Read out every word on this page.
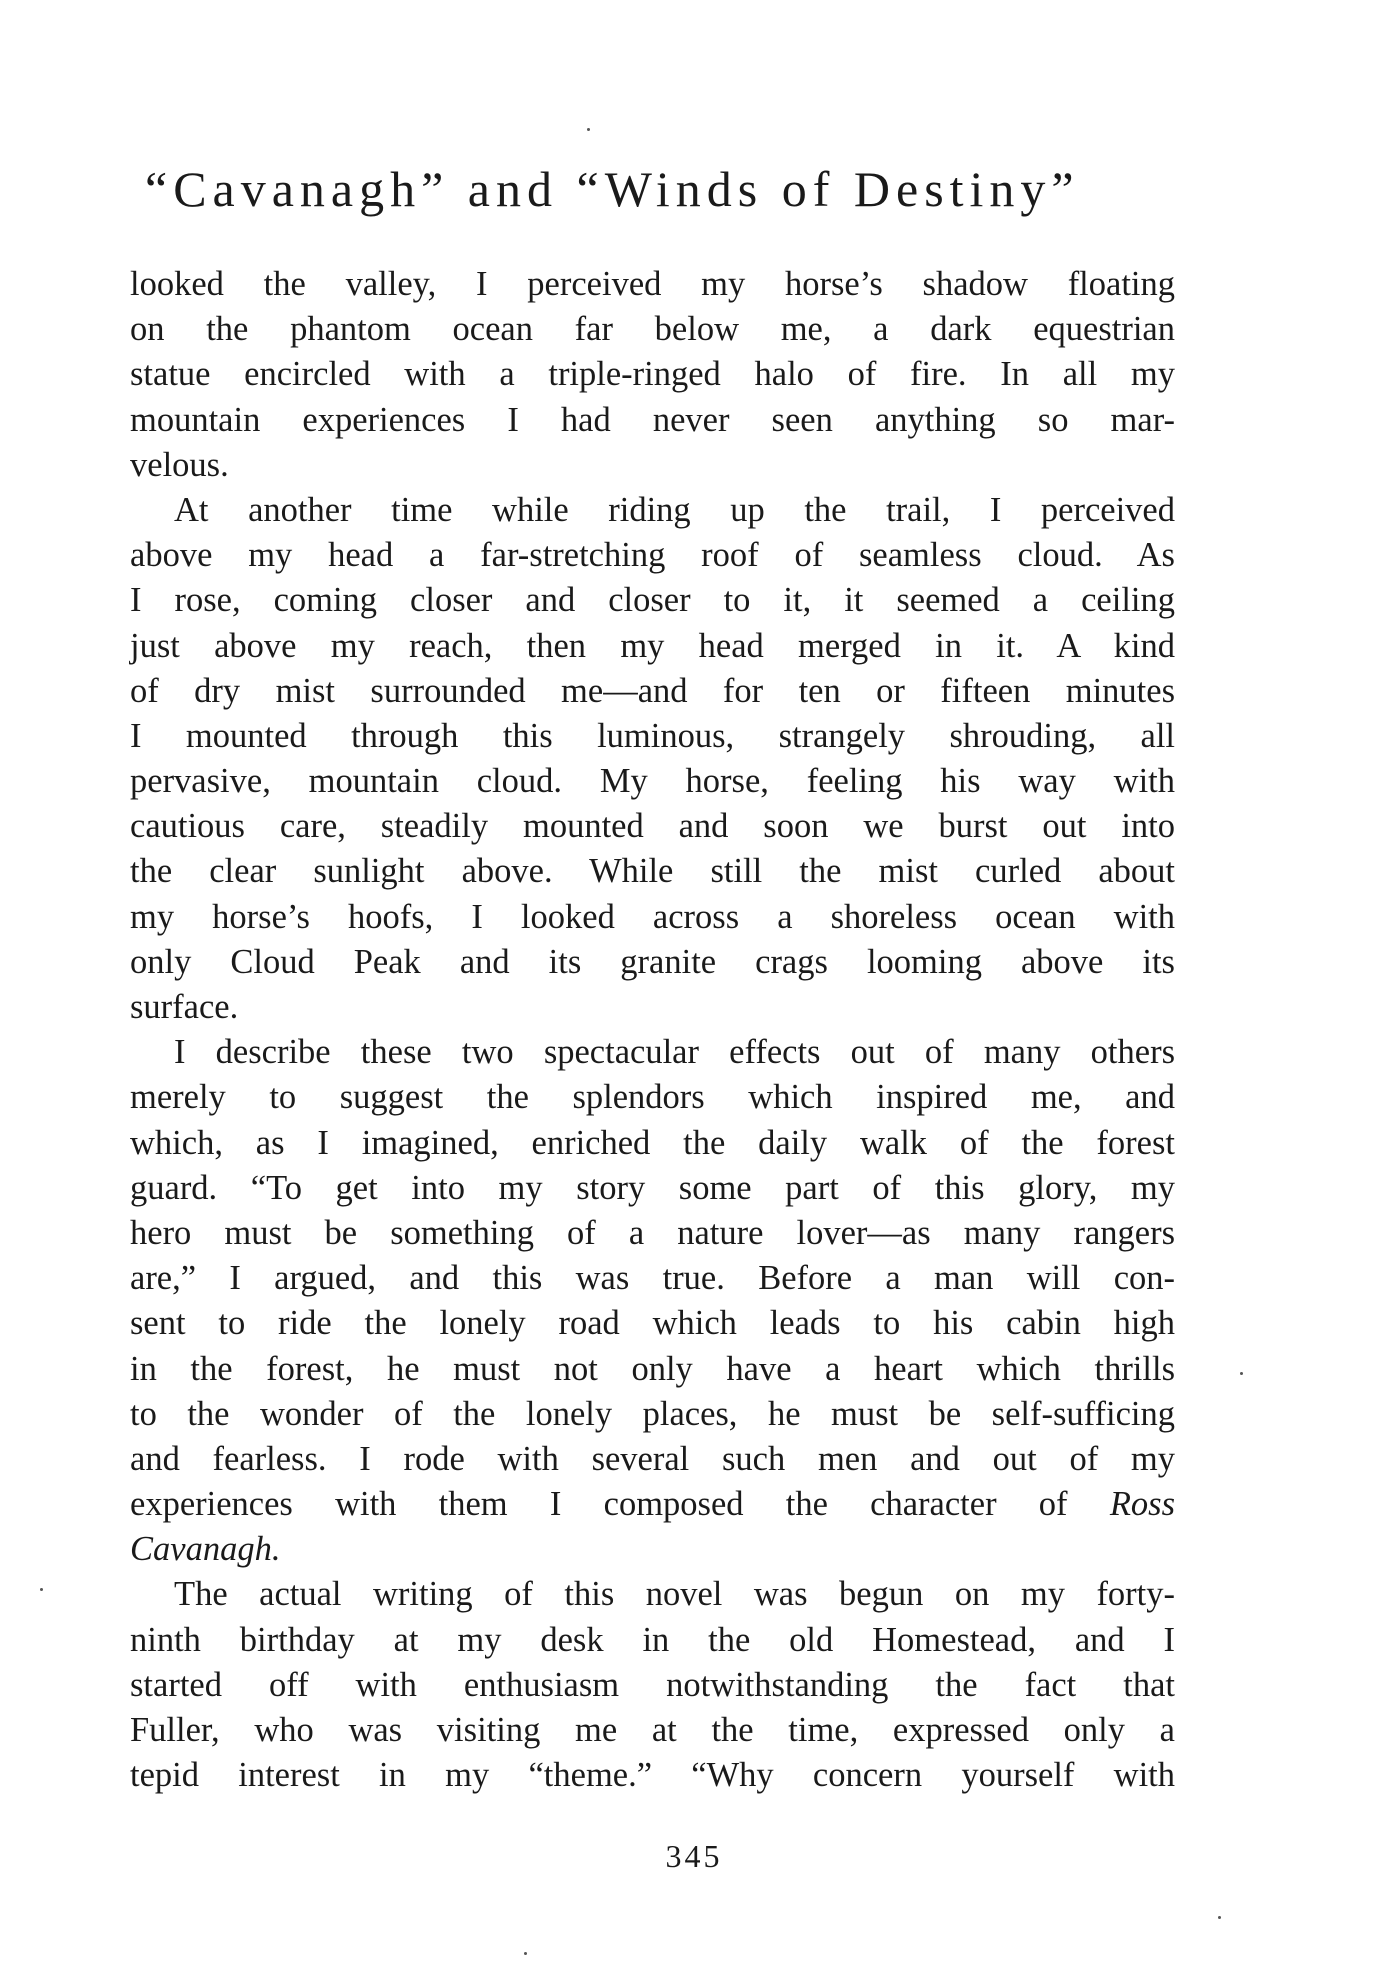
“Cavanagh” and “Winds of Destiny”
looked the valley, I perceived my horse’s shadow floating
on the phantom ocean far below me, a dark equestrian
statue encircled with a triple-ringed halo of fire. In all my
mountain experiences I had never seen anything so mar-
velous.
At another time while riding up the trail, I perceived
above my head a far-stretching roof of seamless cloud. As
I rose, coming closer and closer to it, it seemed a ceiling
just above my reach, then my head merged in it. A kind
of dry mist surrounded me—and for ten or fifteen minutes
I mounted through this luminous, strangely shrouding, all
pervasive, mountain cloud. My horse, feeling his way with
cautious care, steadily mounted and soon we burst out into
the clear sunlight above. While still the mist curled about
my horse’s hoofs, I looked across a shoreless ocean with
only Cloud Peak and its granite crags looming above its
surface.
I describe these two spectacular effects out of many others
merely to suggest the splendors which inspired me, and
which, as I imagined, enriched the daily walk of the forest
guard. “To get into my story some part of this glory, my
hero must be something of a nature lover—as many rangers
are,” I argued, and this was true. Before a man will con-
sent to ride the lonely road which leads to his cabin high
in the forest, he must not only have a heart which thrills
to the wonder of the lonely places, he must be self-sufficing
and fearless. I rode with several such men and out of my
experiences with them I composed the character of Ross
Cavanagh.
The actual writing of this novel was begun on my forty-
ninth birthday at my desk in the old Homestead, and I
started off with enthusiasm notwithstanding the fact that
Fuller, who was visiting me at the time, expressed only a
tepid interest in my “theme.” “Why concern yourself with
345
